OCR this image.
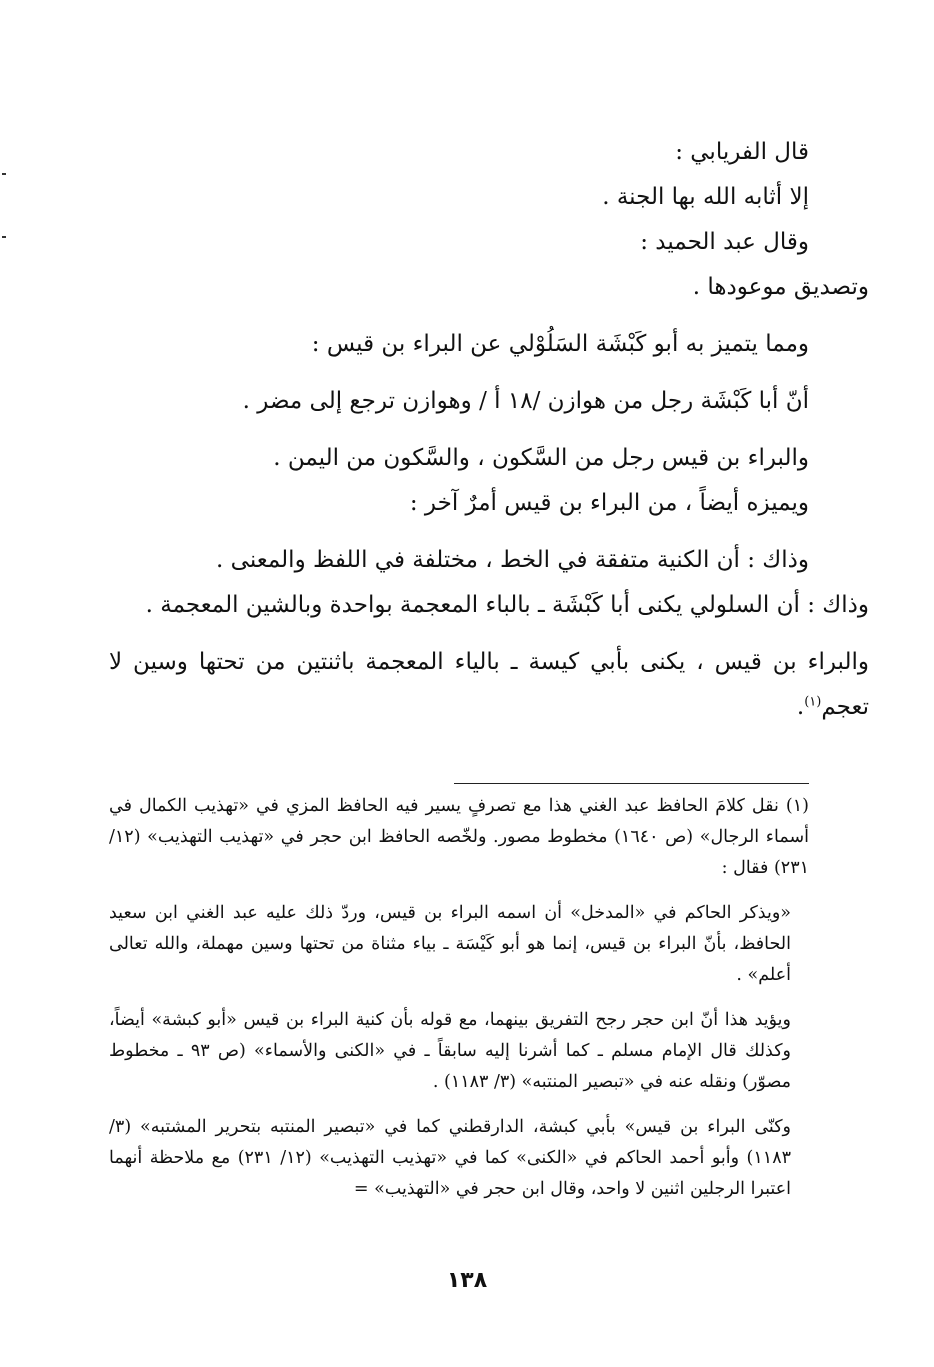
قال الفريابي :

إلا أثابه الله بها الجنة .

وقال عبد الحميد :

وتصديق موعودها .

ومما يتميز به أبو كَبْشَة السَلُوْلي عن البراء بن قيس :

أنّ أبا كَبْشَة رجل من هوازن /١٨ أ / وهوازن ترجع إلى مضر .

والبراء بن قيس رجل من السَّكون ، والسَّكون من اليمن .

ويميزه أيضاً ، من البراء بن قيس أمرٌ آخر :

وذاك : أن الكنية متفقة في الخط ، مختلفة في اللفظ والمعنى .

وذاك : أن السلولي يكنى أبا كَبْشَة ـ بالباء المعجمة بواحدة وبالشين المعجمة .

والبراء بن قيس ، يكنى بأبي كيسة ـ بالياء المعجمة باثنتين من تحتها وسين لا تعجم$^{(١)}$.

(١) نقل كلامَ الحافظ عبد الغني هذا مع تصرفٍ يسير فيه الحافظ المزي في «تهذيب الكمال في أسماء الرجال» (ص ١٦٤٠) مخطوط مصور. ولخّصه الحافظ ابن حجر في «تهذيب التهذيب» (١٢/ ٢٣١) فقال :

«ويذكر الحاكم في «المدخل» أن اسمه البراء بن قيس، وردّ ذلك عليه عبد الغني ابن سعيد الحافظ، بأنّ البراء بن قيس، إنما هو أبو كَيْسَة ـ بياء مثناة من تحتها وسين مهملة، والله تعالى أعلم» .

ويؤيد هذا أنّ ابن حجر رجح التفريق بينهما، مع قوله بأن كنية البراء بن قيس «أبو كبشة» أيضاً، وكذلك قال الإمام مسلم ـ كما أشرنا إليه سابقاً ـ في «الكنى والأسماء» (ص ٩٣ ـ مخطوط مصوّر) ونقله عنه في «تبصير المنتبه» (٣/ ١١٨٣) .

وكنّى البراء بن قيس» بأبي كبشة، الدارقطني كما في «تبصير المنتبه بتحرير المشتبه» (٣/ ١١٨٣) وأبو أحمد الحاكم في «الكنى» كما في «تهذيب التهذيب» (١٢/ ٢٣١) مع ملاحظة أنهما اعتبرا الرجلين اثنين لا واحد، وقال ابن حجر في «التهذيب» =

١٣٨
